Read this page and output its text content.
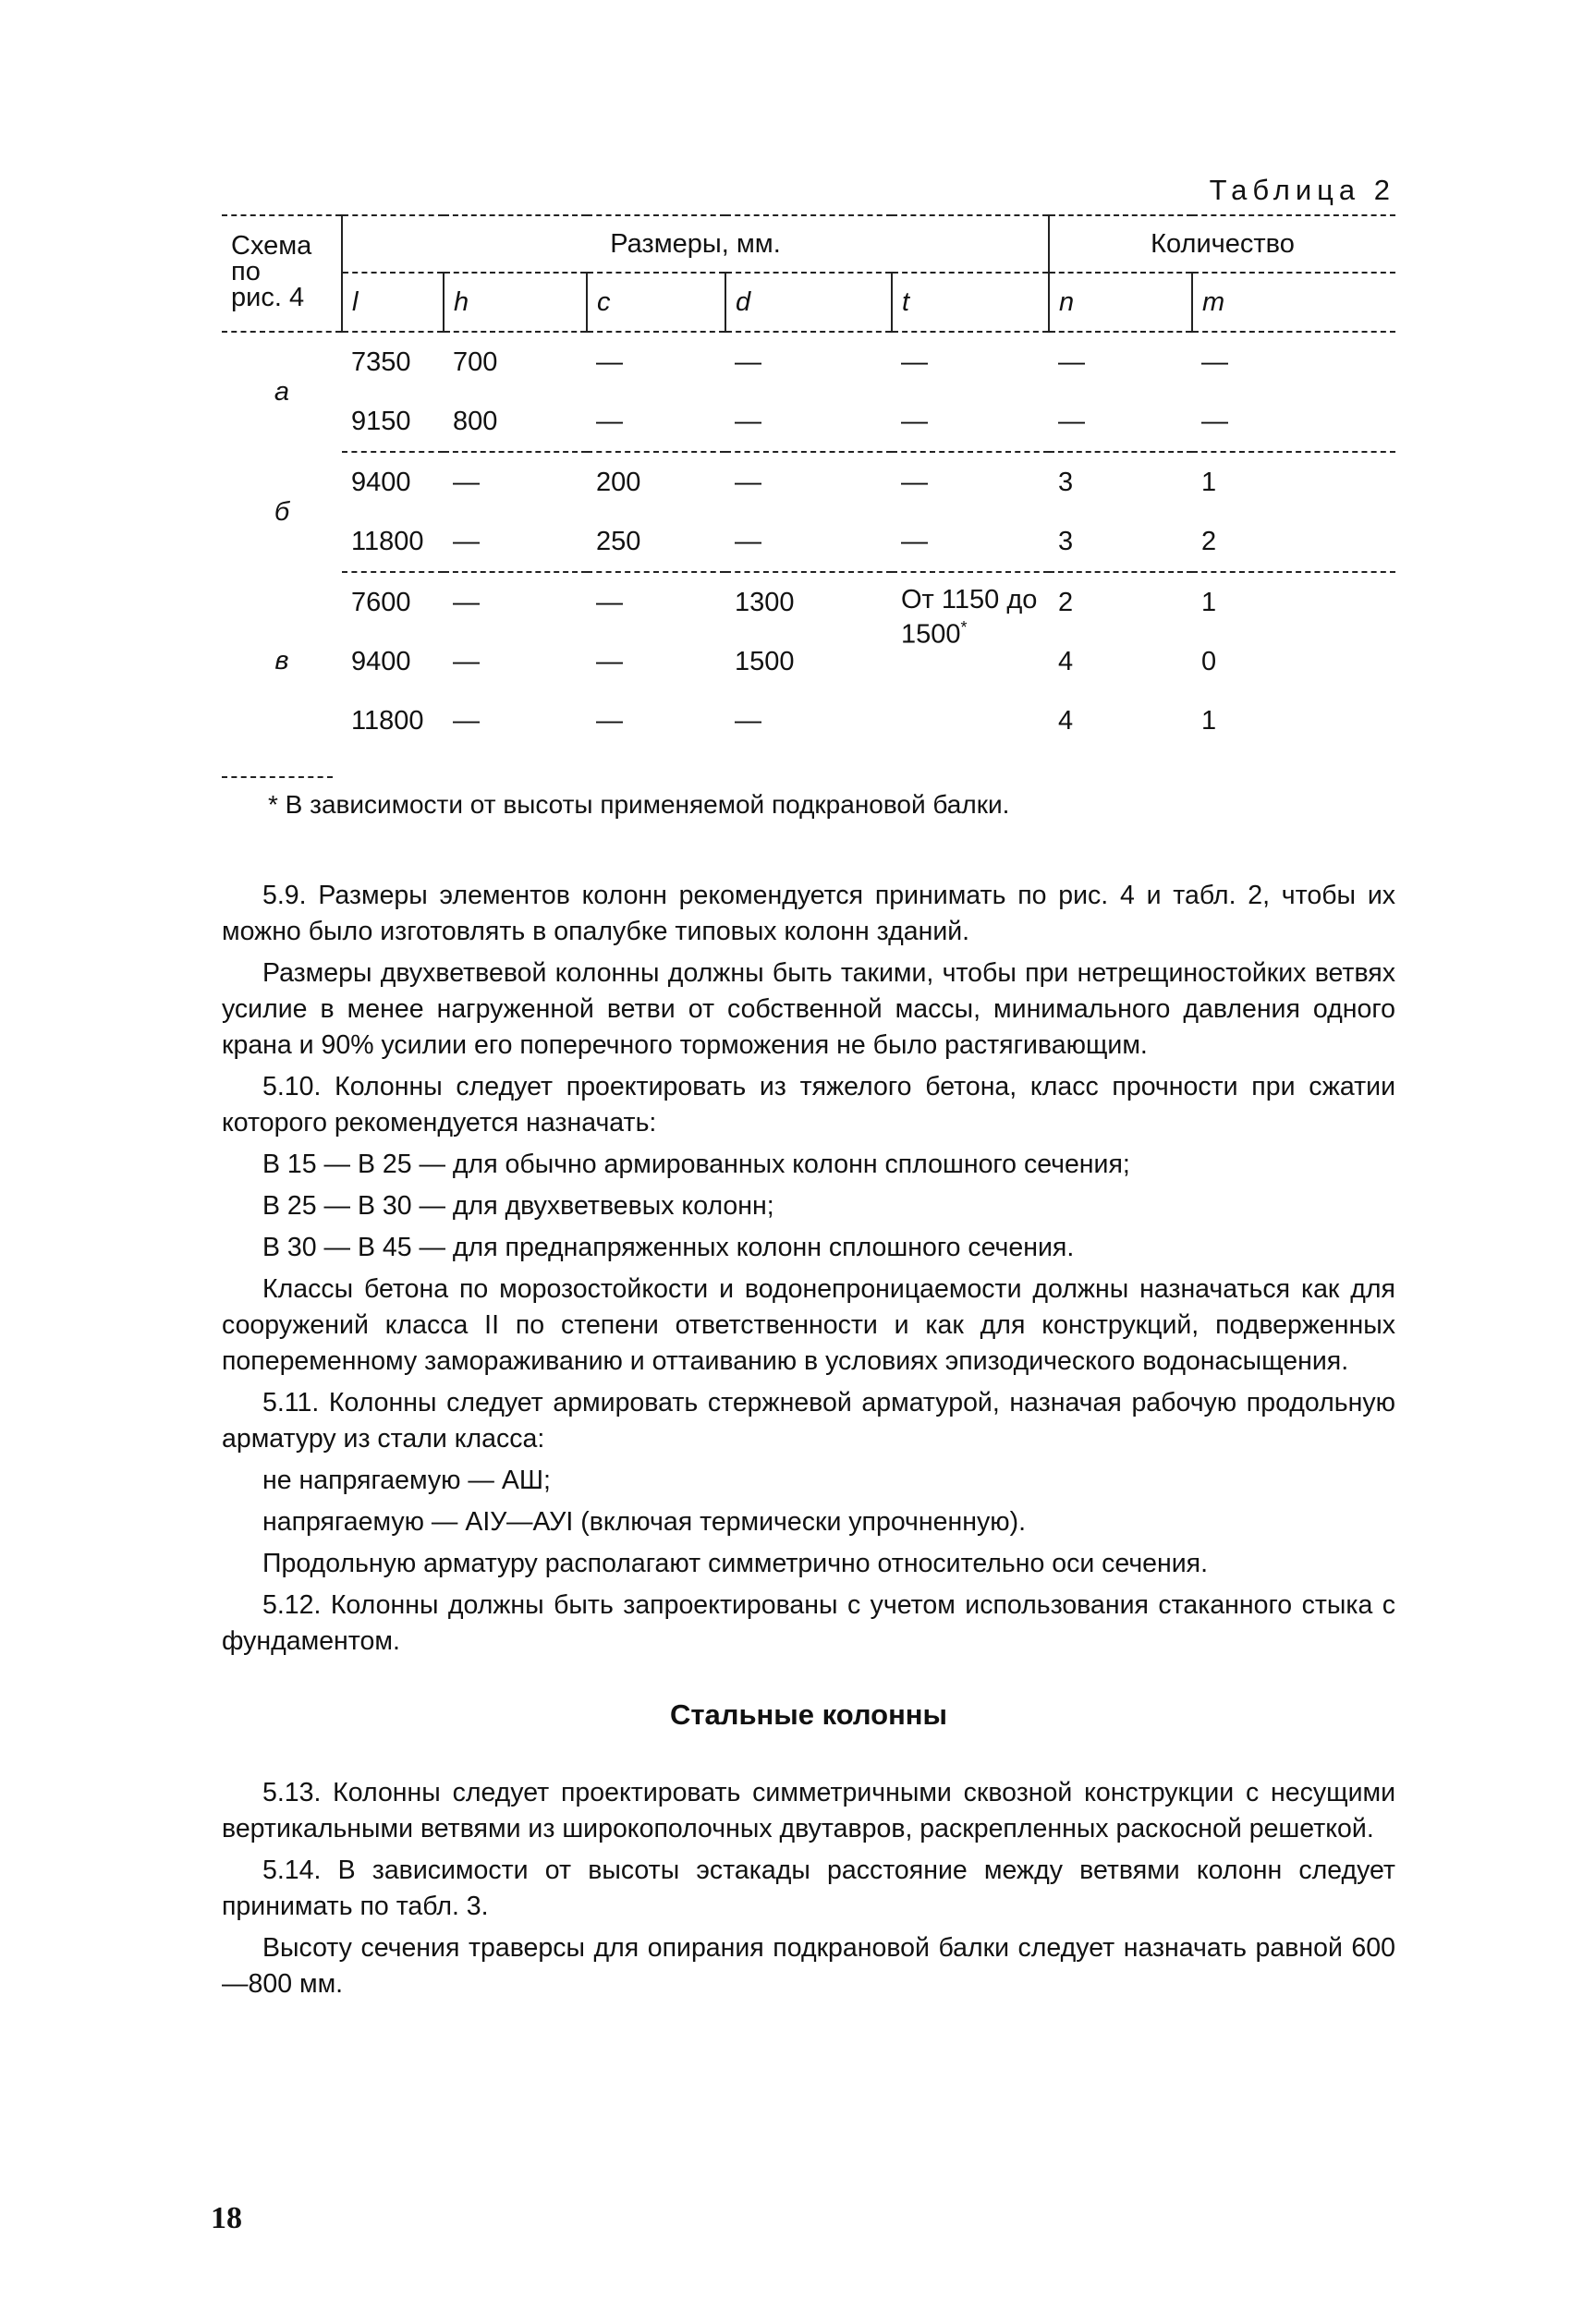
Таблица 2
Схема
по
рис. 4	Размеры, мм.					Количество	
	l	h	c	d	t	n	m
а	7350	700	—	—	—	—	—
	9150	800	—	—	—	—	—
б	9400	—	200	—	—	3	1
	11800	—	250	—	—	3	2
в	7600	—	—	1300	От 1150 до 1500*	2	1
	9400	—	—	1500		4	0
	11800	—	—	—		4	1
* В зависимости от высоты применяемой подкрановой балки.

5.9. Размеры элементов колонн рекомендуется принимать по рис. 4 и табл. 2, чтобы их можно было изготовлять в опалубке типовых колонн зданий.

Размеры двухветвевой колонны должны быть такими, чтобы при нетрещиностойких ветвях усилие в менее нагруженной ветви от собственной массы, минимального давления одного крана и 90% усилии его поперечного торможения не было растягивающим.

5.10. Колонны следует проектировать из тяжелого бетона, класс прочности при сжатии которого рекомендуется назначать:

В 15 — В 25 — для обычно армированных колонн сплошного сечения;

В 25 — В 30 — для двухветвевых колонн;

В 30 — В 45 — для преднапряженных колонн сплошного сечения.

Классы бетона по морозостойкости и водонепроницаемости должны назначаться как для сооружений класса II по степени ответственности и как для конструкций, подверженных попеременному замораживанию и оттаиванию в условиях эпизодического водонасыщения.

5.11. Колонны следует армировать стержневой арматурой, назначая рабочую продольную арматуру из стали класса:

не напрягаемую — АШ;

напрягаемую — АIУ—АУI (включая термически упрочненную).

Продольную арматуру располагают симметрично относительно оси сечения.

5.12. Колонны должны быть запроектированы с учетом использования стаканного стыка с фундаментом.

Стальные колонны

5.13. Колонны следует проектировать симметричными сквозной конструкции с несущими вертикальными ветвями из широкополочных двутавров, раскрепленных раскосной решеткой.

5.14. В зависимости от высоты эстакады расстояние между ветвями колонн следует принимать по табл. 3.

Высоту сечения траверсы для опирания подкрановой балки следует назначать равной 600—800 мм.

18
